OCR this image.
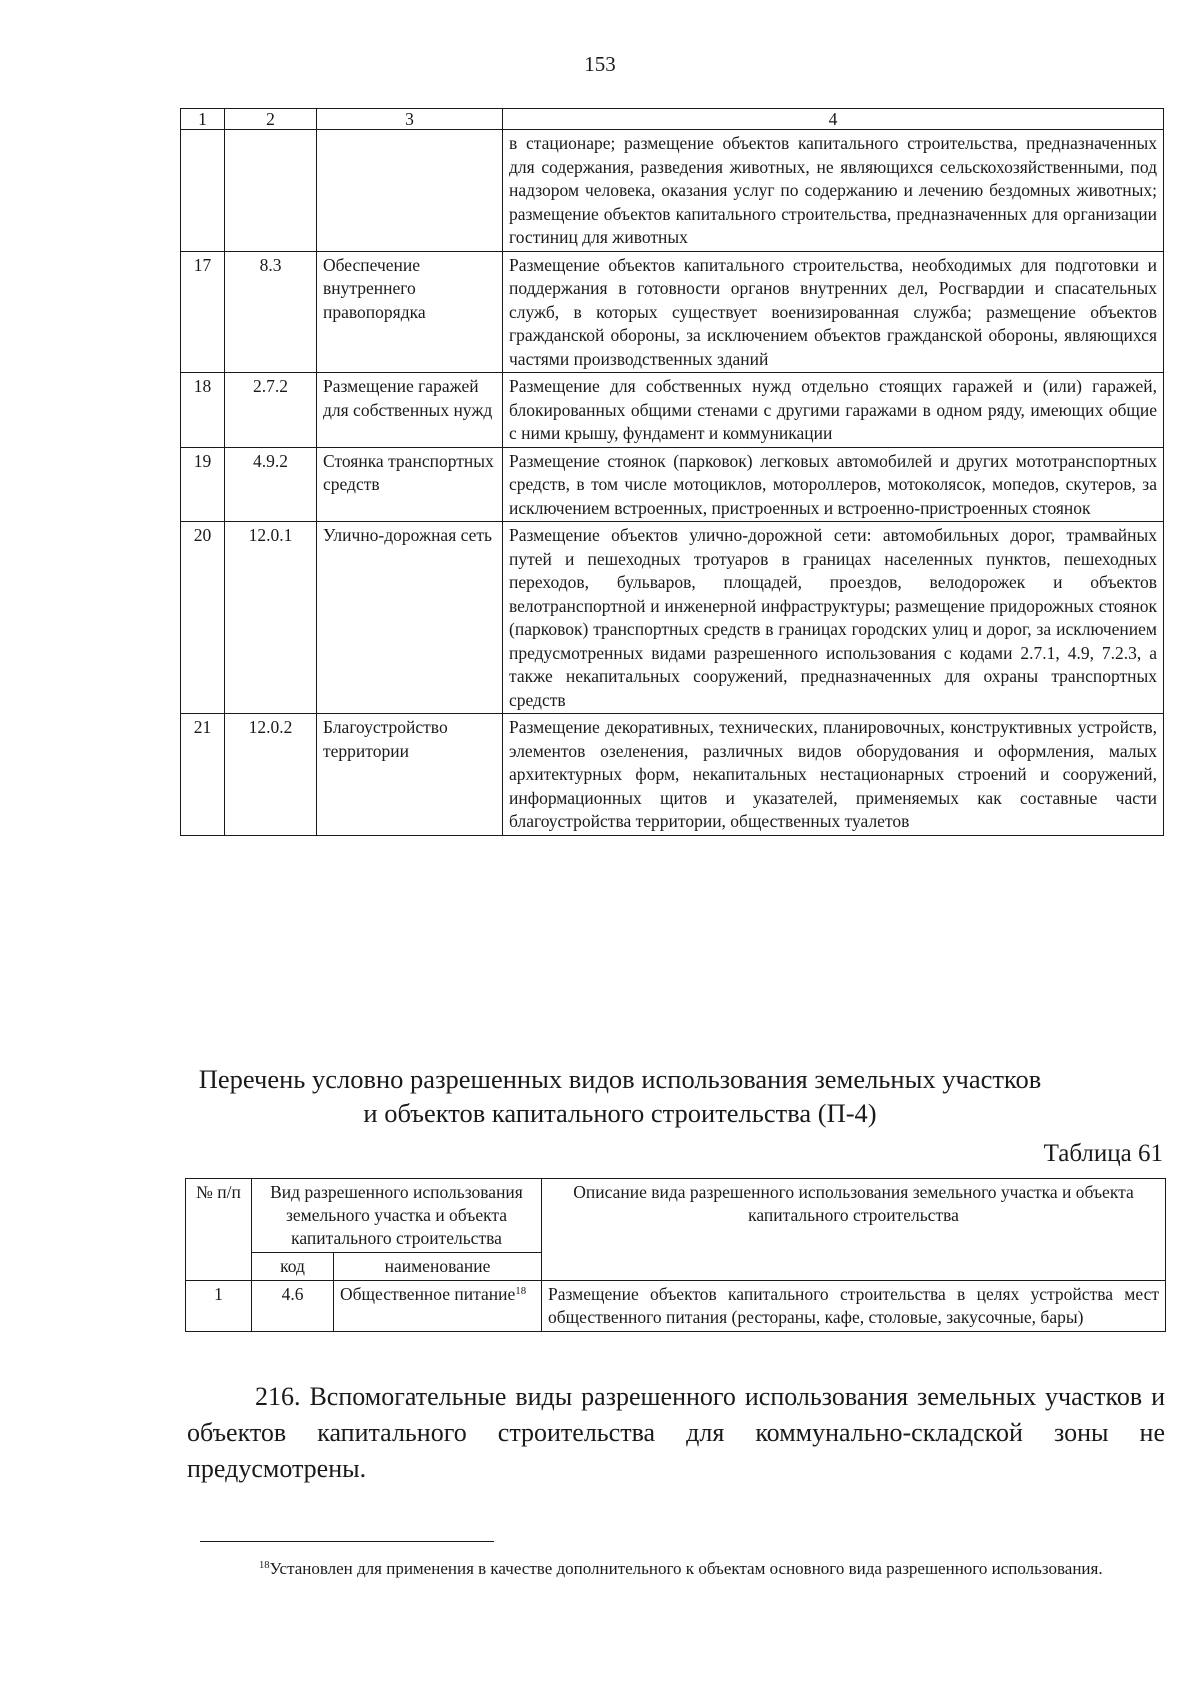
153
1	2	3	4
			в стационаре; размещение объектов капитального строительства, предназначенных для содержания, разведения животных, не являющихся сельскохозяйственными, под надзором человека, оказания услуг по содержанию и лечению бездомных животных; размещение объектов капитального строительства, предназначенных для организации гостиниц для животных
17	8.3	Обеспечение внутреннего правопорядка	Размещение объектов капитального строительства, необходимых для подготовки и поддержания в готовности органов внутренних дел, Росгвардии и спасательных служб, в которых существует военизированная служба; размещение объектов гражданской обороны, за исключением объектов гражданской обороны, являющихся частями производственных зданий
18	2.7.2	Размещение гаражей для собственных нужд	Размещение для собственных нужд отдельно стоящих гаражей и (или) гаражей, блокированных общими стенами с другими гаражами в одном ряду, имеющих общие с ними крышу, фундамент и коммуникации
19	4.9.2	Стоянка транспортных средств	Размещение стоянок (парковок) легковых автомобилей и других мототранспортных средств, в том числе мотоциклов, мотороллеров, мотоколясок, мопедов, скутеров, за исключением встроенных, пристроенных и встроенно-пристроенных стоянок
20	12.0.1	Улично-дорожная сеть	Размещение объектов улично-дорожной сети: автомобильных дорог, трамвайных путей и пешеходных тротуаров в границах населенных пунктов, пешеходных переходов, бульваров, площадей, проездов, велодорожек и объектов велотранспортной и инженерной инфраструктуры; размещение придорожных стоянок (парковок) транспортных средств в границах городских улиц и дорог, за исключением предусмотренных видами разрешенного использования с кодами 2.7.1, 4.9, 7.2.3, а также некапитальных сооружений, предназначенных для охраны транспортных средств
21	12.0.2	Благоустройство территории	Размещение декоративных, технических, планировочных, конструктивных устройств, элементов озеленения, различных видов оборудования и оформления, малых архитектурных форм, некапитальных нестационарных строений и сооружений, информационных щитов и указателей, применяемых как составные части благоустройства территории, общественных туалетов
Перечень условно разрешенных видов использования земельных участков
и объектов капитального строительства (П-4)
Таблица 61
№ п/п	Вид разрешенного использования земельного участка и объекта капитального строительства		Описание вида разрешенного использования земельного участка и объекта капитального строительства
	код	наименование	
1	4.6	Общественное питание$^{18}$	Размещение объектов капитального строительства в целях устройства мест общественного питания (рестораны, кафе, столовые, закусочные, бары)
216. Вспомогательные виды разрешенного использования земельных участков и объектов капитального строительства для коммунально-складской зоны не предусмотрены.
$^{18}$Установлен для применения в качестве дополнительного к объектам основного вида разрешенного использования.
